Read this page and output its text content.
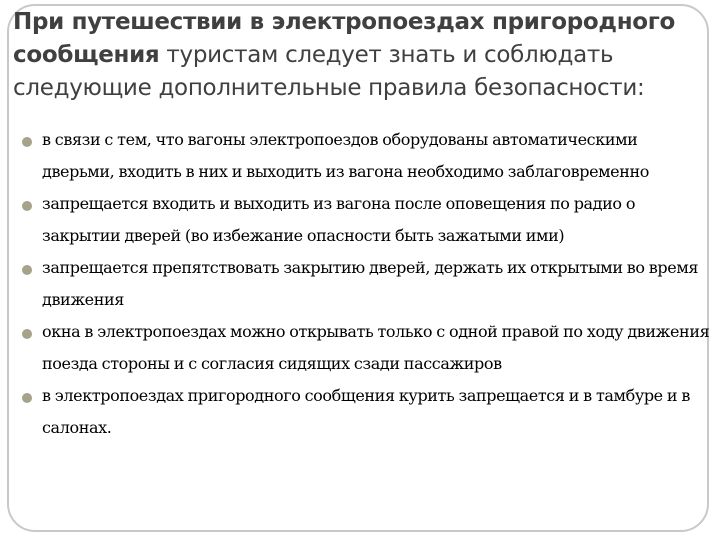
При путешествии в электропоездах пригородного сообщения туристам следует знать и соблюдать следующие дополнительные правила безопасности:
в связи с тем, что вагоны электропоездов оборудованы автоматическими дверьми, входить в них и выходить из вагона необходимо заблаговременно
запрещается входить и выходить из вагона после оповещения по радио о закрытии дверей (во избежание опасности быть зажатыми ими)
запрещается препятствовать закрытию дверей, держать их открытыми во время движения
окна в электропоездах можно открывать только с одной правой по ходу движения поезда стороны и с согласия сидящих сзади пассажиров
в электропоездах пригородного сообщения курить запрещается и в тамбуре и в салонах.
